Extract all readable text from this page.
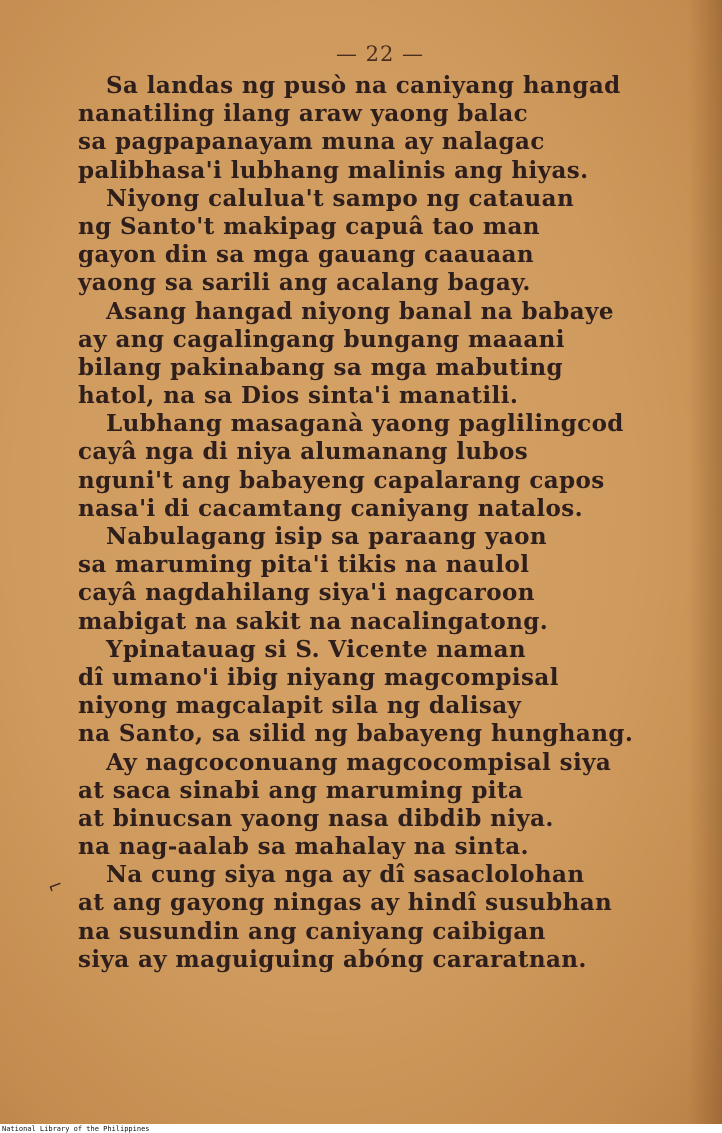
— 22 —
Sa landas ng pusò na caniyang hangad
nanatiling ilang araw yaong balac
sa pagpapanayam muna ay nalagac
palibhasa'i lubhang malinis ang hiyas.
Niyong calulua't sampo ng catauan
ng Santo't makipag capuâ tao man
gayon din sa mga gauang caauaan
yaong sa sarili ang acalang bagay.
Asang hangad niyong banal na babaye
ay ang cagalingang bungang maaani
bilang pakinabang sa mga mabuting
hatol, na sa Dios sinta'i manatili.
Lubhang masaganà yaong paglilingcod
cayâ nga di niya alumanang lubos
nguni't ang babayeng capalarang capos
nasa'i di cacamtang caniyang natalos.
Nabulagang isip sa paraang yaon
sa maruming pita'i tikis na naulol
cayâ nagdahilang siya'i nagcaroon
mabigat na sakit na nacalingatong.
Ypinatauag si S. Vicente naman
dî umano'i ibig niyang magcompisal
niyong magcalapit sila ng dalisay
na Santo, sa silid ng babayeng hunghang.
Ay nagcoconuang magcocompisal siya
at saca sinabi ang maruming pita
at binucsan yaong nasa dibdib niya.
na nag-aalab sa mahalay na sinta.
Na cung siya nga ay dî sasaclolohan
at ang gayong ningas ay hindî susubhan
na susundin ang caniyang caibigan
siya ay maguiguing abóng cararatnan.
⌐
National Library of the Philippines
